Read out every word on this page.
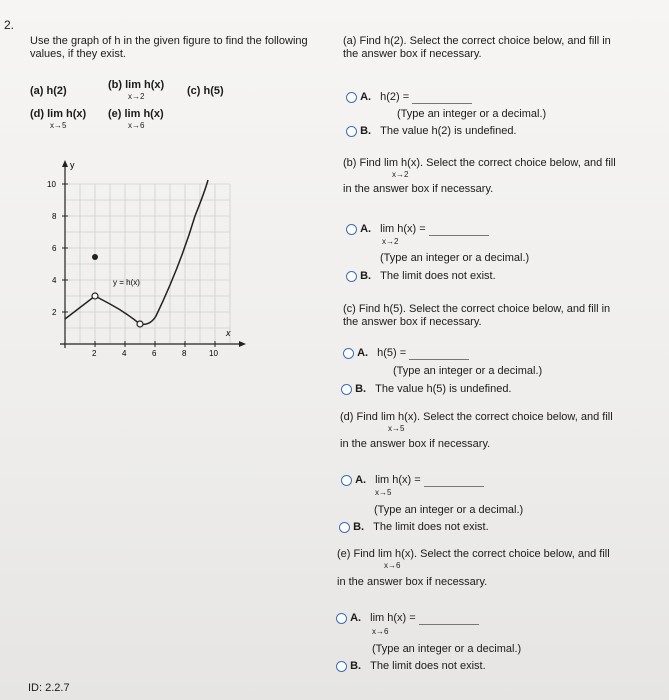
2.
Use the graph of h in the given figure to find the following
values, if they exist.
(a) h(2)	(b) lim h(x)
x→2	(c) h(5)
(d) lim h(x)
x→5
(e) lim h(x)
x→6
y
x
10
8
6
4
2
2	4	6	8	10
y = h(x)
(a) Find h(2). Select the correct choice below, and fill in
the answer box if necessary.
A. h(2) =
(Type an integer or a decimal.)
B. The value h(2) is undefined.
(b) Find lim h(x). Select the correct choice below, and fill
x→2
in the answer box if necessary.
A. lim h(x) =
x→2
(Type an integer or a decimal.)
B. The limit does not exist.
(c) Find h(5). Select the correct choice below, and fill in
the answer box if necessary.
A. h(5) =
(Type an integer or a decimal.)
B. The value h(5) is undefined.
(d) Find lim h(x). Select the correct choice below, and fill
x→5
in the answer box if necessary.
A. lim h(x) =
x→5
(Type an integer or a decimal.)
B. The limit does not exist.
(e) Find lim h(x). Select the correct choice below, and fill
x→6
in the answer box if necessary.
A. lim h(x) =
x→6
(Type an integer or a decimal.)
B. The limit does not exist.
ID: 2.2.7
